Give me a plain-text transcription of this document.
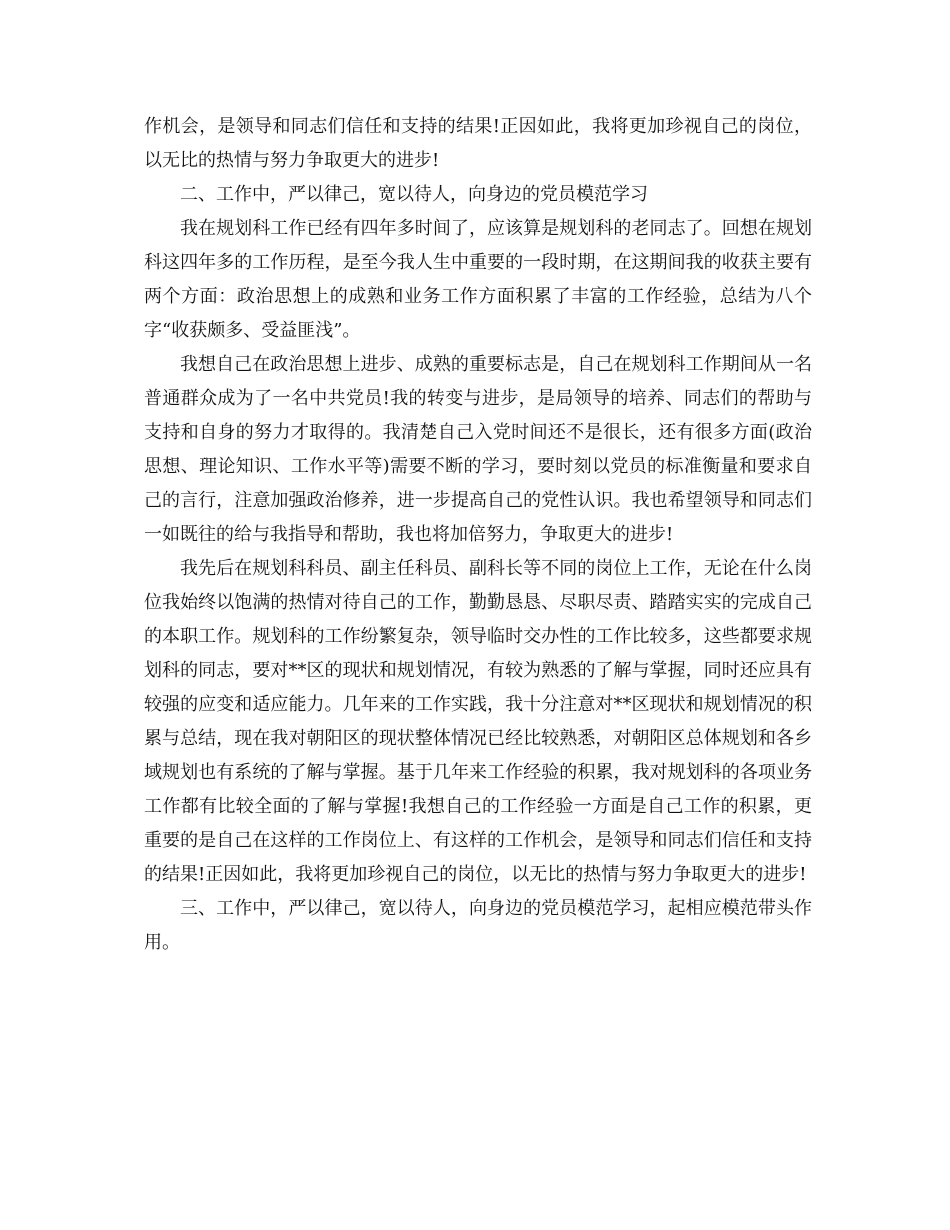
作机会，是领导和同志们信任和支持的结果!正因如此，我将更加珍视自己的岗位，以无比的热情与努力争取更大的进步!

二、工作中，严以律己，宽以待人，向身边的党员模范学习

我在规划科工作已经有四年多时间了，应该算是规划科的老同志了。回想在规划科这四年多的工作历程，是至今我人生中重要的一段时期，在这期间我的收获主要有两个方面：政治思想上的成熟和业务工作方面积累了丰富的工作经验，总结为八个字“收获颇多、受益匪浅”。

我想自己在政治思想上进步、成熟的重要标志是，自己在规划科工作期间从一名普通群众成为了一名中共党员!我的转变与进步，是局领导的培养、同志们的帮助与支持和自身的努力才取得的。我清楚自己入党时间还不是很长，还有很多方面(政治思想、理论知识、工作水平等)需要不断的学习，要时刻以党员的标准衡量和要求自己的言行，注意加强政治修养，进一步提高自己的党性认识。我也希望领导和同志们一如既往的给与我指导和帮助，我也将加倍努力，争取更大的进步!

我先后在规划科科员、副主任科员、副科长等不同的岗位上工作，无论在什么岗位我始终以饱满的热情对待自己的工作，勤勤恳恳、尽职尽责、踏踏实实的完成自己的本职工作。规划科的工作纷繁复杂，领导临时交办性的工作比较多，这些都要求规划科的同志，要对**区的现状和规划情况，有较为熟悉的了解与掌握，同时还应具有较强的应变和适应能力。几年来的工作实践，我十分注意对**区现状和规划情况的积累与总结，现在我对朝阳区的现状整体情况已经比较熟悉，对朝阳区总体规划和各乡域规划也有系统的了解与掌握。基于几年来工作经验的积累，我对规划科的各项业务工作都有比较全面的了解与掌握!我想自己的工作经验一方面是自己工作的积累，更重要的是自己在这样的工作岗位上、有这样的工作机会，是领导和同志们信任和支持的结果!正因如此，我将更加珍视自己的岗位，以无比的热情与努力争取更大的进步!

三、工作中，严以律己，宽以待人，向身边的党员模范学习，起相应模范带头作用。
